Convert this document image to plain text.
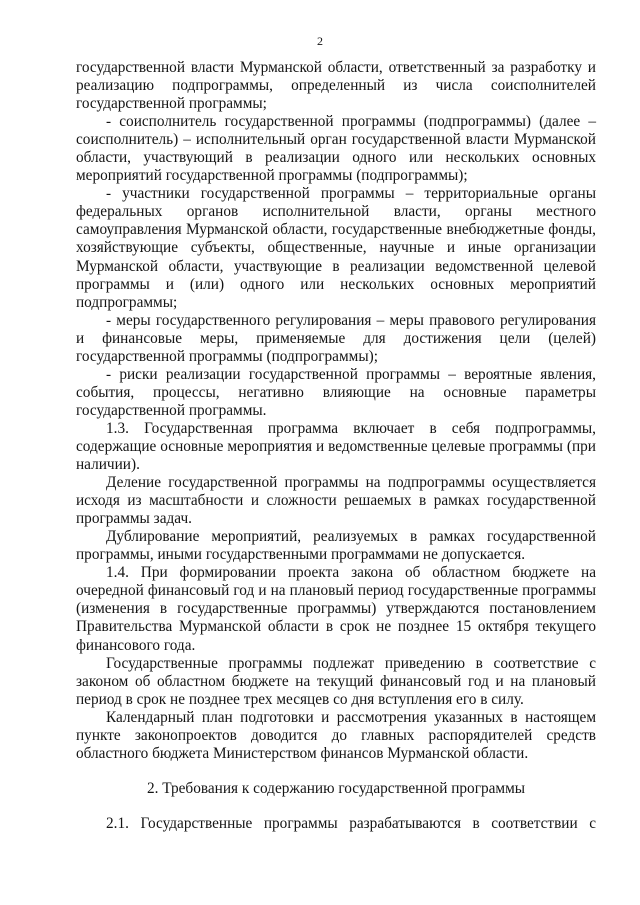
2

государственной власти Мурманской области, ответственный за разработку и реализацию подпрограммы, определенный из числа соисполнителей государственной программы;

- соисполнитель государственной программы (подпрограммы) (далее – соисполнитель) – исполнительный орган государственной власти Мурманской области, участвующий в реализации одного или нескольких основных мероприятий государственной программы (подпрограммы);

- участники государственной программы – территориальные органы федеральных органов исполнительной власти, органы местного самоуправления Мурманской области, государственные внебюджетные фонды, хозяйствующие субъекты, общественные, научные и иные организации Мурманской области, участвующие в реализации ведомственной целевой программы и (или) одного или нескольких основных мероприятий подпрограммы;

- меры государственного регулирования – меры правового регулирования и финансовые меры, применяемые для достижения цели (целей) государственной программы (подпрограммы);

- риски реализации государственной программы – вероятные явления, события, процессы, негативно влияющие на основные параметры государственной программы.

1.3. Государственная программа включает в себя подпрограммы, содержащие основные мероприятия и ведомственные целевые программы (при наличии).

Деление государственной программы на подпрограммы осуществляется исходя из масштабности и сложности решаемых в рамках государственной программы задач.

Дублирование мероприятий, реализуемых в рамках государственной программы, иными государственными программами не допускается.

1.4. При формировании проекта закона об областном бюджете на очередной финансовый год и на плановый период государственные программы (изменения в государственные программы) утверждаются постановлением Правительства Мурманской области в срок не позднее 15 октября текущего финансового года.

Государственные программы подлежат приведению в соответствие с законом об областном бюджете на текущий финансовый год и на плановый период в срок не позднее трех месяцев со дня вступления его в силу.

Календарный план подготовки и рассмотрения указанных в настоящем пункте законопроектов доводится до главных распорядителей средств областного бюджета Министерством финансов Мурманской области.

2. Требования к содержанию государственной программы

2.1. Государственные программы разрабатываются в соответствии с
